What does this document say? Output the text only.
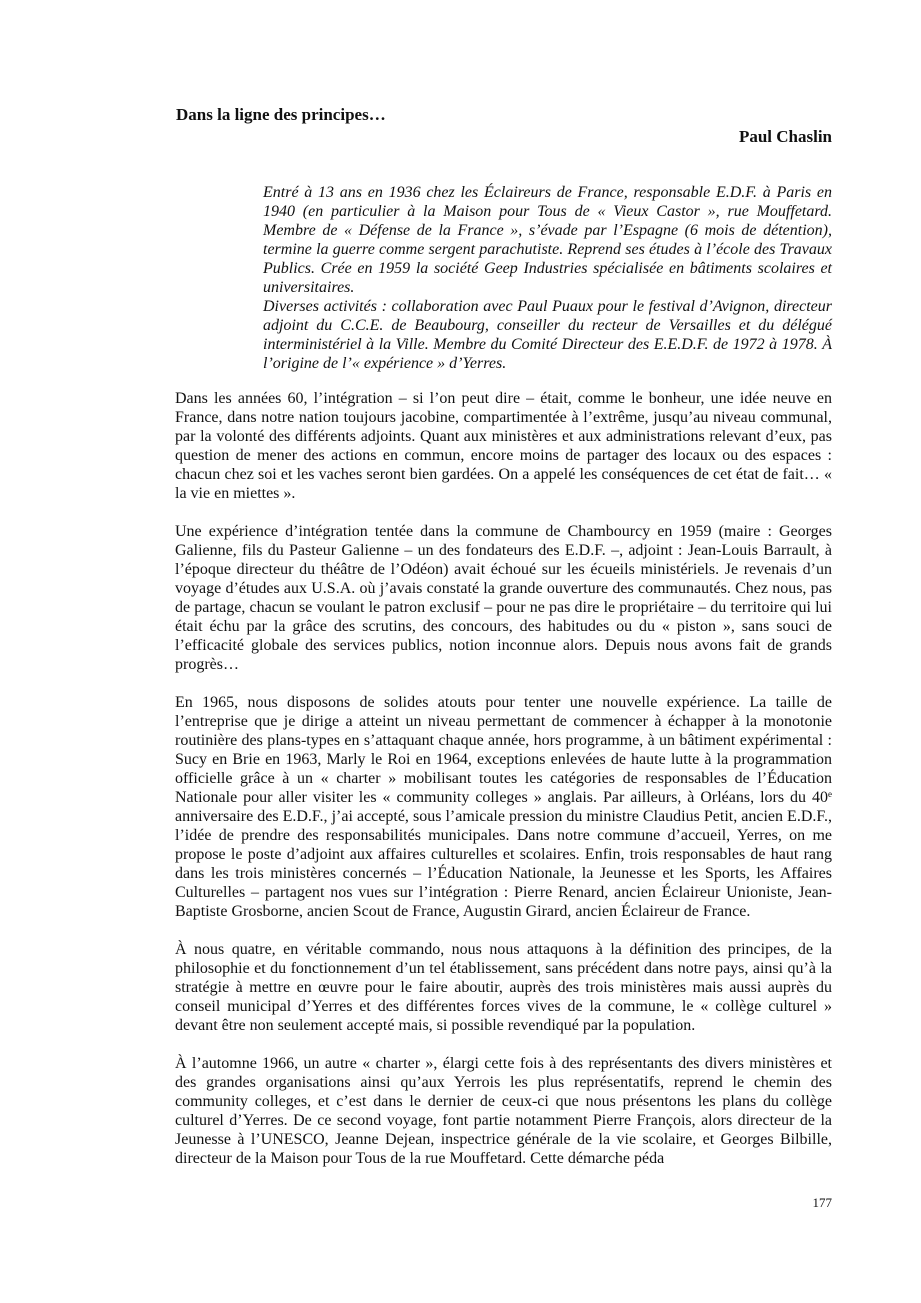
Dans la ligne des principes…
Paul Chaslin

Entré à 13 ans en 1936 chez les Éclaireurs de France, responsable E.D.F. à Paris en 1940 (en particulier à la Maison pour Tous de « Vieux Castor », rue Mouffetard. Membre de « Défense de la France », s’évade par l’Espagne (6 mois de détention), termine la guerre comme sergent parachutiste. Reprend ses études à l’école des Travaux Publics. Crée en 1959 la société Geep Industries spécialisée en bâtiments scolaires et universitaires.

Diverses activités : collaboration avec Paul Puaux pour le festival d’Avignon, directeur adjoint du C.C.E. de Beaubourg, conseiller du recteur de Versailles et du délégué interministériel à la Ville. Membre du Comité Directeur des E.E.D.F. de 1972 à 1978. À l’origine de l’« expérience » d’Yerres.

Dans les années 60, l’intégration – si l’on peut dire – était, comme le bonheur, une idée neuve en France, dans notre nation toujours jacobine, compartimentée à l’extrême, jusqu’au niveau communal, par la volonté des différents adjoints. Quant aux ministères et aux administrations relevant d’eux, pas question de mener des actions en commun, encore moins de partager des locaux ou des espaces : chacun chez soi et les vaches seront bien gardées. On a appelé les conséquences de cet état de fait… « la vie en miettes ».

Une expérience d’intégration tentée dans la commune de Chambourcy en 1959 (maire : Georges Galienne, fils du Pasteur Galienne – un des fondateurs des E.D.F. –, adjoint : Jean-Louis Barrault, à l’époque directeur du théâtre de l’Odéon) avait échoué sur les écueils ministériels. Je revenais d’un voyage d’études aux U.S.A. où j’avais constaté la grande ouverture des communautés. Chez nous, pas de partage, chacun se voulant le patron exclusif – pour ne pas dire le propriétaire – du territoire qui lui était échu par la grâce des scrutins, des concours, des habitudes ou du « piston », sans souci de l’efficacité globale des services publics, notion inconnue alors. Depuis nous avons fait de grands progrès…

En 1965, nous disposons de solides atouts pour tenter une nouvelle expérience. La taille de l’entreprise que je dirige a atteint un niveau permettant de commencer à échapper à la monotonie routinière des plans-types en s’attaquant chaque année, hors programme, à un bâtiment expérimental : Sucy en Brie en 1963, Marly le Roi en 1964, exceptions enlevées de haute lutte à la programmation officielle grâce à un « charter » mobilisant toutes les catégories de responsables de l’Éducation Nationale pour aller visiter les « community colleges » anglais. Par ailleurs, à Orléans, lors du 40e anniversaire des E.D.F., j’ai accepté, sous l’amicale pression du ministre Claudius Petit, ancien E.D.F., l’idée de prendre des responsabilités municipales. Dans notre commune d’accueil, Yerres, on me propose le poste d’adjoint aux affaires culturelles et scolaires. Enfin, trois responsables de haut rang dans les trois ministères concernés – l’Éducation Nationale, la Jeunesse et les Sports, les Affaires Culturelles – partagent nos vues sur l’intégration : Pierre Renard, ancien Éclaireur Unioniste, Jean-Baptiste Grosborne, ancien Scout de France, Augustin Girard, ancien Éclaireur de France.

À nous quatre, en véritable commando, nous nous attaquons à la définition des principes, de la philosophie et du fonctionnement d’un tel établissement, sans précédent dans notre pays, ainsi qu’à la stratégie à mettre en œuvre pour le faire aboutir, auprès des trois ministères mais aussi auprès du conseil municipal d’Yerres et des différentes forces vives de la commune, le « collège culturel » devant être non seulement accepté mais, si possible revendiqué par la population.

À l’automne 1966, un autre « charter », élargi cette fois à des représentants des divers ministères et des grandes organisations ainsi qu’aux Yerrois les plus représentatifs, reprend le chemin des community colleges, et c’est dans le dernier de ceux-ci que nous présentons les plans du collège culturel d’Yerres. De ce second voyage, font partie notamment Pierre François, alors directeur de la Jeunesse à l’UNESCO, Jeanne Dejean, inspectrice générale de la vie scolaire, et Georges Bilbille, directeur de la Maison pour Tous de la rue Mouffetard. Cette démarche péda

177
